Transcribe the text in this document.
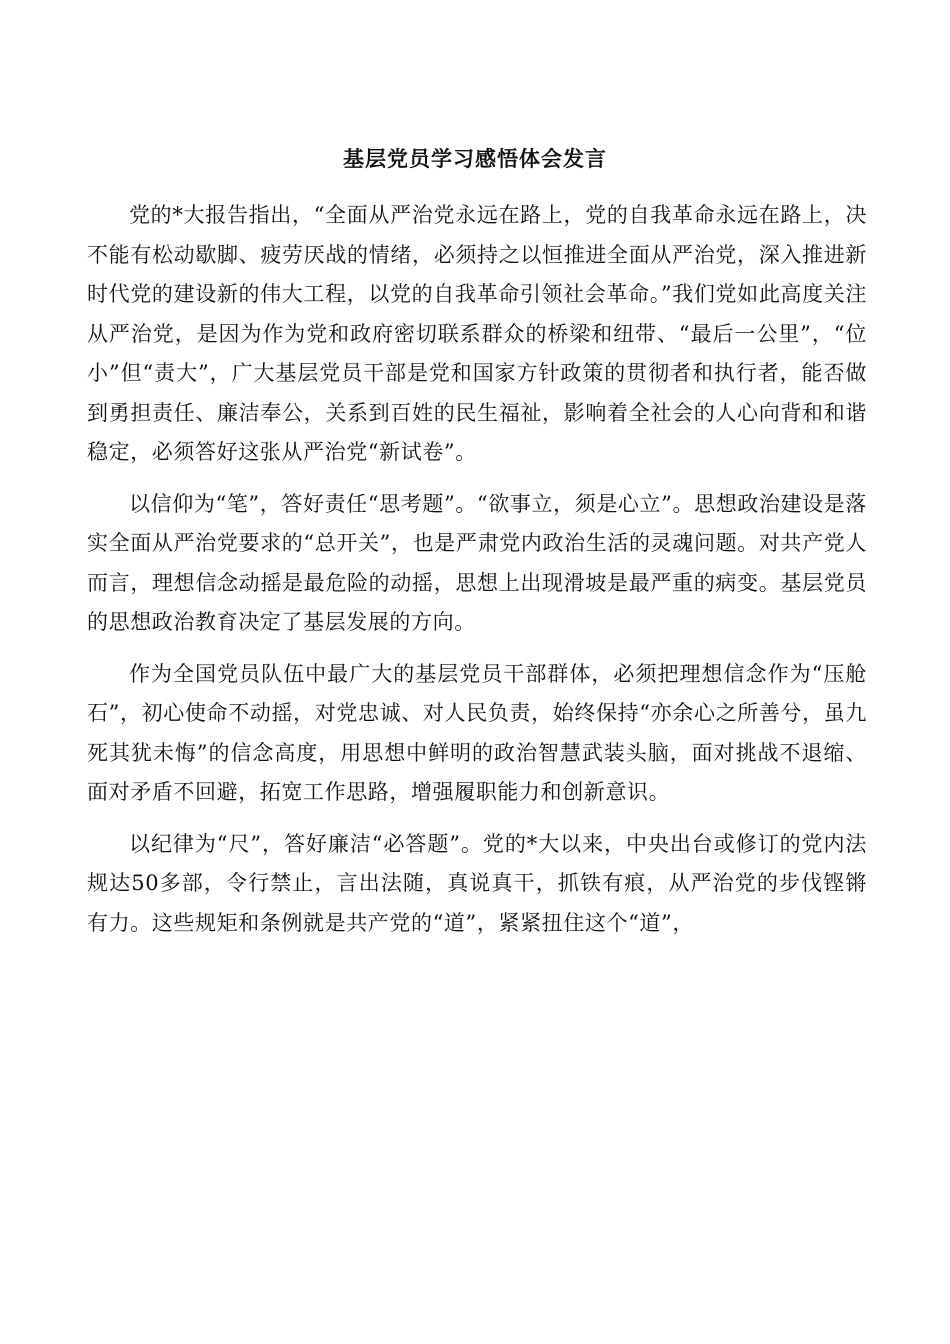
基层党员学习感悟体会发言

党的*大报告指出，“全面从严治党永远在路上，党的自我革命永远在路上，决不能有松动歇脚、疲劳厌战的情绪，必须持之以恒推进全面从严治党，深入推进新时代党的建设新的伟大工程，以党的自我革命引领社会革命。”我们党如此高度关注从严治党，是因为作为党和政府密切联系群众的桥梁和纽带、“最后一公里”，“位小”但“责大”，广大基层党员干部是党和国家方针政策的贯彻者和执行者，能否做到勇担责任、廉洁奉公，关系到百姓的民生福祉，影响着全社会的人心向背和和谐稳定，必须答好这张从严治党“新试卷”。

以信仰为“笔”，答好责任“思考题”。“欲事立，须是心立”。思想政治建设是落实全面从严治党要求的“总开关”，也是严肃党内政治生活的灵魂问题。对共产党人而言，理想信念动摇是最危险的动摇，思想上出现滑坡是最严重的病变。基层党员的思想政治教育决定了基层发展的方向。

作为全国党员队伍中最广大的基层党员干部群体，必须把理想信念作为“压舱石”，初心使命不动摇，对党忠诚、对人民负责，始终保持“亦余心之所善兮，虽九死其犹未悔”的信念高度，用思想中鲜明的政治智慧武装头脑，面对挑战不退缩、面对矛盾不回避，拓宽工作思路，增强履职能力和创新意识。

以纪律为“尺”，答好廉洁“必答题”。党的*大以来，中央出台或修订的党内法规达50多部，令行禁止，言出法随，真说真干，抓铁有痕，从严治党的步伐铿锵有力。这些规矩和条例就是共产党的“道”，紧紧扭住这个“道”，
